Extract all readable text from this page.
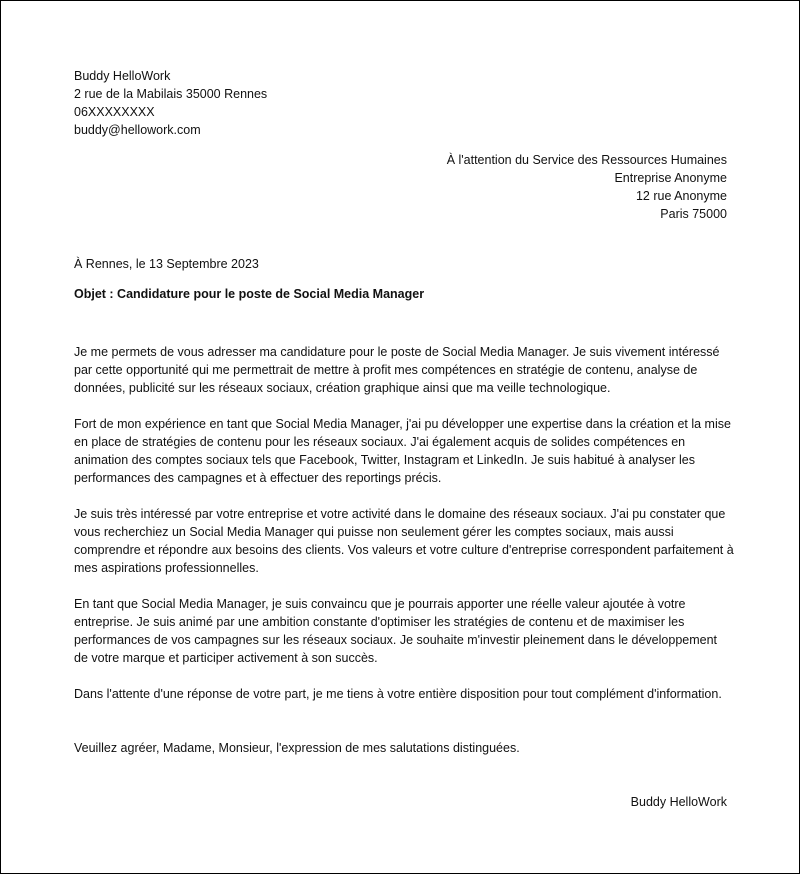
Buddy HelloWork
2 rue de la Mabilais 35000 Rennes
06XXXXXXXX
buddy@hellowork.com
À l'attention du Service des Ressources Humaines
Entreprise Anonyme
12 rue Anonyme
Paris 75000
À Rennes, le 13 Septembre 2023
Objet : Candidature pour le poste de Social Media Manager

Je me permets de vous adresser ma candidature pour le poste de Social Media Manager. Je suis vivement intéressé par cette opportunité qui me permettrait de mettre à profit mes compétences en stratégie de contenu, analyse de données, publicité sur les réseaux sociaux, création graphique ainsi que ma veille technologique.

Fort de mon expérience en tant que Social Media Manager, j'ai pu développer une expertise dans la création et la mise en place de stratégies de contenu pour les réseaux sociaux. J'ai également acquis de solides compétences en animation des comptes sociaux tels que Facebook, Twitter, Instagram et LinkedIn. Je suis habitué à analyser les performances des campagnes et à effectuer des reportings précis.

Je suis très intéressé par votre entreprise et votre activité dans le domaine des réseaux sociaux. J'ai pu constater que vous recherchiez un Social Media Manager qui puisse non seulement gérer les comptes sociaux, mais aussi comprendre et répondre aux besoins des clients. Vos valeurs et votre culture d'entreprise correspondent parfaitement à mes aspirations professionnelles.

En tant que Social Media Manager, je suis convaincu que je pourrais apporter une réelle valeur ajoutée à votre entreprise. Je suis animé par une ambition constante d'optimiser les stratégies de contenu et de maximiser les performances de vos campagnes sur les réseaux sociaux. Je souhaite m'investir pleinement dans le développement de votre marque et participer activement à son succès.

Dans l'attente d'une réponse de votre part, je me tiens à votre entière disposition pour tout complément d'information.

Veuillez agréer, Madame, Monsieur, l'expression de mes salutations distinguées.

Buddy HelloWork
